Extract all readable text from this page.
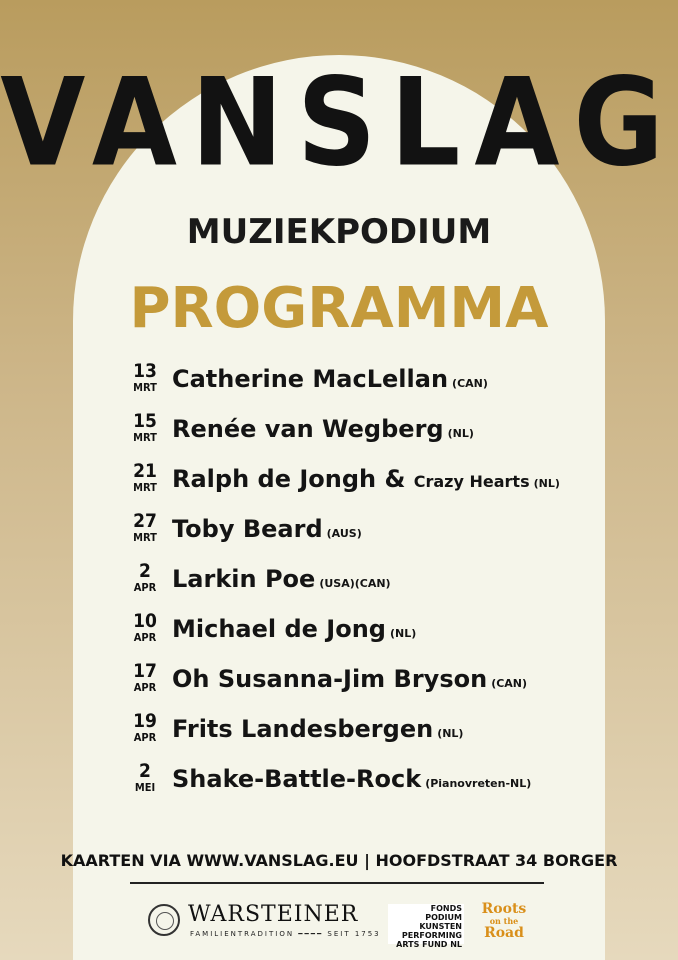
VANSLAG
MUZIEKPODIUM
PROGRAMMA
13
MRT Catherine MacLellan (CAN)
15
MRT Renée van Wegberg (NL)
21
MRT Ralph de Jongh & Crazy Hearts (NL)
27
MRT Toby Beard (AUS)
2
APR Larkin Poe (USA)(CAN)
10
APR Michael de Jong (NL)
17
APR Oh Susanna-Jim Bryson (CAN)
19
APR Frits Landesbergen (NL)
2
MEI Shake-Battle-Rock (Pianovreten-NL)
KAARTEN VIA WWW.VANSLAG.EU | HOOFDSTRAAT 34 BORGER
WARSTEINER
FAMILIENTRADITION ━━━━ SEIT 1753
FONDS
PODIUM
KUNSTEN
PERFORMING
ARTS FUND NL
Roots
on the
Road
